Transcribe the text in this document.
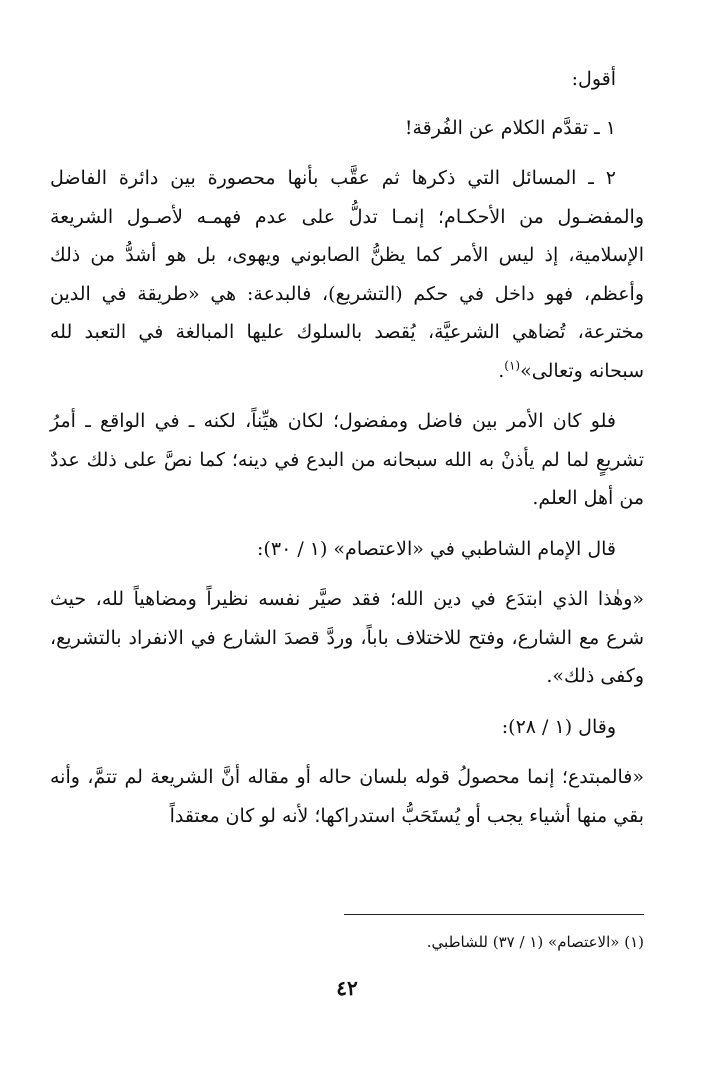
أقول:

١ ـ تقدَّم الكلام عن الفُرقة!

٢ ـ المسائل التي ذكرها ثم عقَّب بأنها محصورة بين دائرة الفاضل والمفضـول من الأحكـام؛ إنمـا تدلُّ على عدم فهمـه لأصـول الشريعة الإسلامية، إذ ليس الأمر كما يظنُّ الصابوني ويهوى، بل هو أشدُّ من ذلك وأعظم، فهو داخل في حكم (التشريع)، فالبدعة: هي «طريقة في الدين مخترعة، تُضاهي الشرعيَّة، يُقصد بالسلوك عليها المبالغة في التعبد لله سبحانه وتعالى»$^{(١)}$.

فلو كان الأمر بين فاضل ومفضول؛ لكان هيِّناً، لكنه ـ في الواقع ـ أمرُ تشريعٍ لما لم يأذنْ به الله سبحانه من البدع في دينه؛ كما نصَّ على ذلك عددٌ من أهل العلم.

قال الإمام الشاطبي في «الاعتصام» (١ / ٣٠):

«وهٰذا الذي ابتدَع في دين الله؛ فقد صيَّر نفسه نظيراً ومضاهياً لله، حيث شرع مع الشارع، وفتح للاختلاف باباً، وردَّ قصدَ الشارع في الانفراد بالتشريع، وكفى ذلك».

وقال (١ / ٢٨):

«فالمبتدع؛ إنما محصولُ قوله بلسان حاله أو مقاله أنَّ الشريعة لم تتمَّ، وأنه بقي منها أشياء يجب أو يُستَحَبُّ استدراكها؛ لأنه لو كان معتقداً

(١) «الاعتصام» (١ / ٣٧) للشاطبي.
٤٢
